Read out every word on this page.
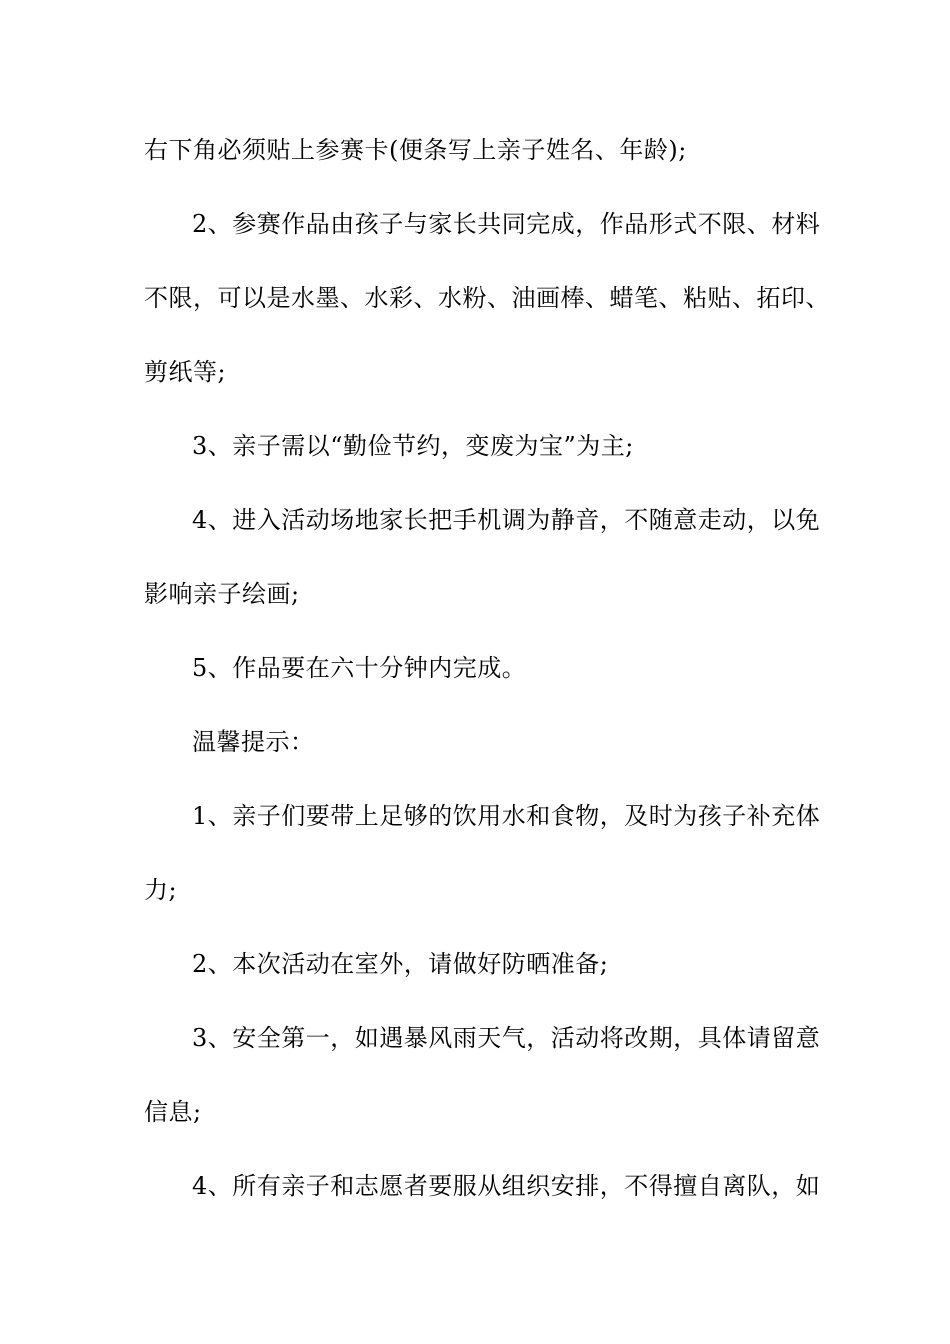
右下角必须贴上参赛卡(便条写上亲子姓名、年龄);
2、参赛作品由孩子与家长共同完成，作品形式不限、材料
不限，可以是水墨、水彩、水粉、油画棒、蜡笔、粘贴、拓印、
剪纸等;
3、亲子需以“勤俭节约，变废为宝”为主;
4、进入活动场地家长把手机调为静音，不随意走动，以免
影响亲子绘画;
5、作品要在六十分钟内完成。
温馨提示：
1、亲子们要带上足够的饮用水和食物，及时为孩子补充体
力;
2、本次活动在室外，请做好防晒准备;
3、安全第一，如遇暴风雨天气，活动将改期，具体请留意
信息;
4、所有亲子和志愿者要服从组织安排，不得擅自离队，如
